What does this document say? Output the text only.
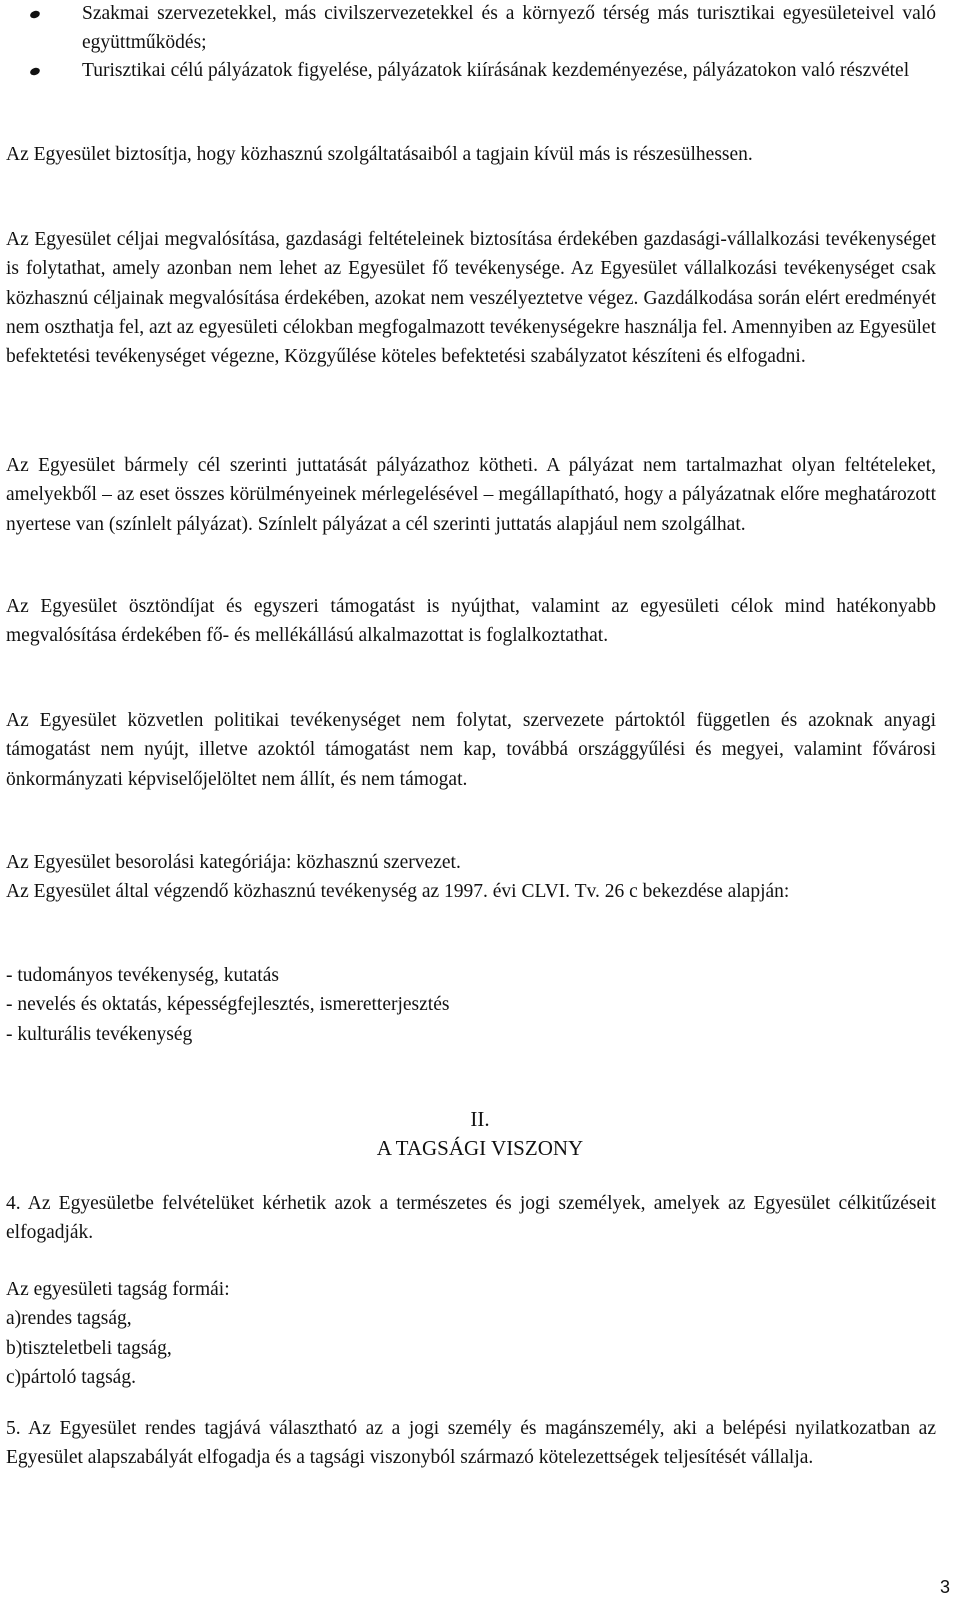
Szakmai szervezetekkel, más civilszervezetekkel és a környező térség más turisztikai egyesületeivel való együttműködés;
Turisztikai célú pályázatok figyelése, pályázatok kiírásának kezdeményezése, pályázatokon való részvétel

Az Egyesület biztosítja, hogy közhasznú szolgáltatásaiból a tagjain kívül más is részesülhessen.

Az Egyesület céljai megvalósítása, gazdasági feltételeinek biztosítása érdekében gazdasági-vállalkozási tevékenységet is folytathat, amely azonban nem lehet az Egyesület fő tevékenysége. Az Egyesület vállalkozási tevékenységet csak közhasznú céljainak megvalósítása érdekében, azokat nem veszélyeztetve végez. Gazdálkodása során elért eredményét nem oszthatja fel, azt az egyesületi célokban megfogalmazott tevékenységekre használja fel. Amennyiben az Egyesület befektetési tevékenységet végezne, Közgyűlése köteles befektetési szabályzatot készíteni és elfogadni.

Az Egyesület bármely cél szerinti juttatását pályázathoz kötheti. A pályázat nem tartalmazhat olyan feltételeket, amelyekből – az eset összes körülményeinek mérlegelésével – megállapítható, hogy a pályázatnak előre meghatározott nyertese van (színlelt pályázat). Színlelt pályázat a cél szerinti juttatás alapjául nem szolgálhat.

Az Egyesület ösztöndíjat és egyszeri támogatást is nyújthat, valamint az egyesületi célok mind hatékonyabb megvalósítása érdekében fő- és mellékállású alkalmazottat is foglalkoztathat.

Az Egyesület közvetlen politikai tevékenységet nem folytat, szervezete pártoktól független és azoknak anyagi támogatást nem nyújt, illetve azoktól támogatást nem kap, továbbá országgyűlési és megyei, valamint fővárosi önkormányzati képviselőjelöltet nem állít, és nem támogat.

Az Egyesület besorolási kategóriája: közhasznú szervezet.
Az Egyesület által végzendő közhasznú tevékenység az 1997. évi CLVI. Tv. 26 c bekezdése alapján:
- tudományos tevékenység, kutatás
- nevelés és oktatás, képességfejlesztés, ismeretterjesztés
- kulturális tevékenység
II.
A TAGSÁGI VISZONY

4. Az Egyesületbe felvételüket kérhetik azok a természetes és jogi személyek, amelyek az Egyesület célkitűzéseit elfogadják.

Az egyesületi tagság formái:
a)rendes tagság,
b)tiszteletbeli tagság,
c)pártoló tagság.

5. Az Egyesület rendes tagjává választható az a jogi személy és magánszemély, aki a belépési nyilatkozatban az Egyesület alapszabályát elfogadja és a tagsági viszonyból származó kötelezettségek teljesítését vállalja.

3
